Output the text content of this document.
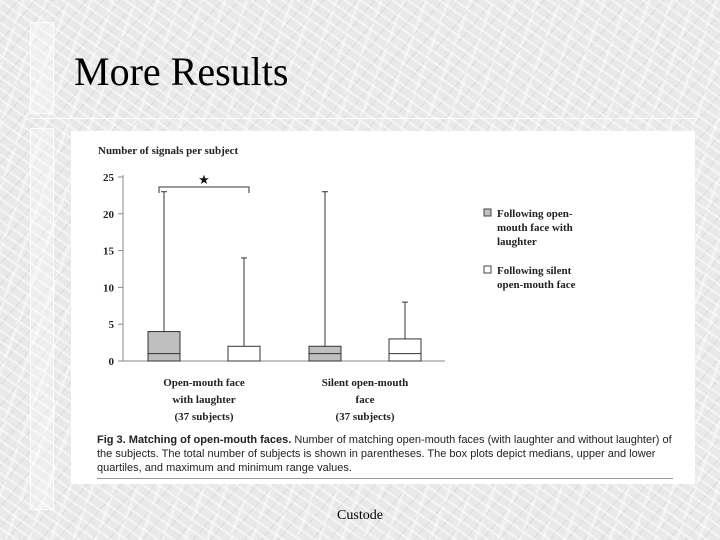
More Results
Number of signals per subject
0
5
10
15
20
25	★
Open-mouth face
with laughter
(37 subjects)
Silent open-mouth
face
(37 subjects)
Following open-
mouth face with
laughter
Following silent
open-mouth face
Fig 3. Matching of open-mouth faces. Number of matching open-mouth faces (with laughter and without laughter) of the subjects. The total number of subjects is shown in parentheses. The box plots depict medians, upper and lower quartiles, and maximum and minimum range values.
Custode
